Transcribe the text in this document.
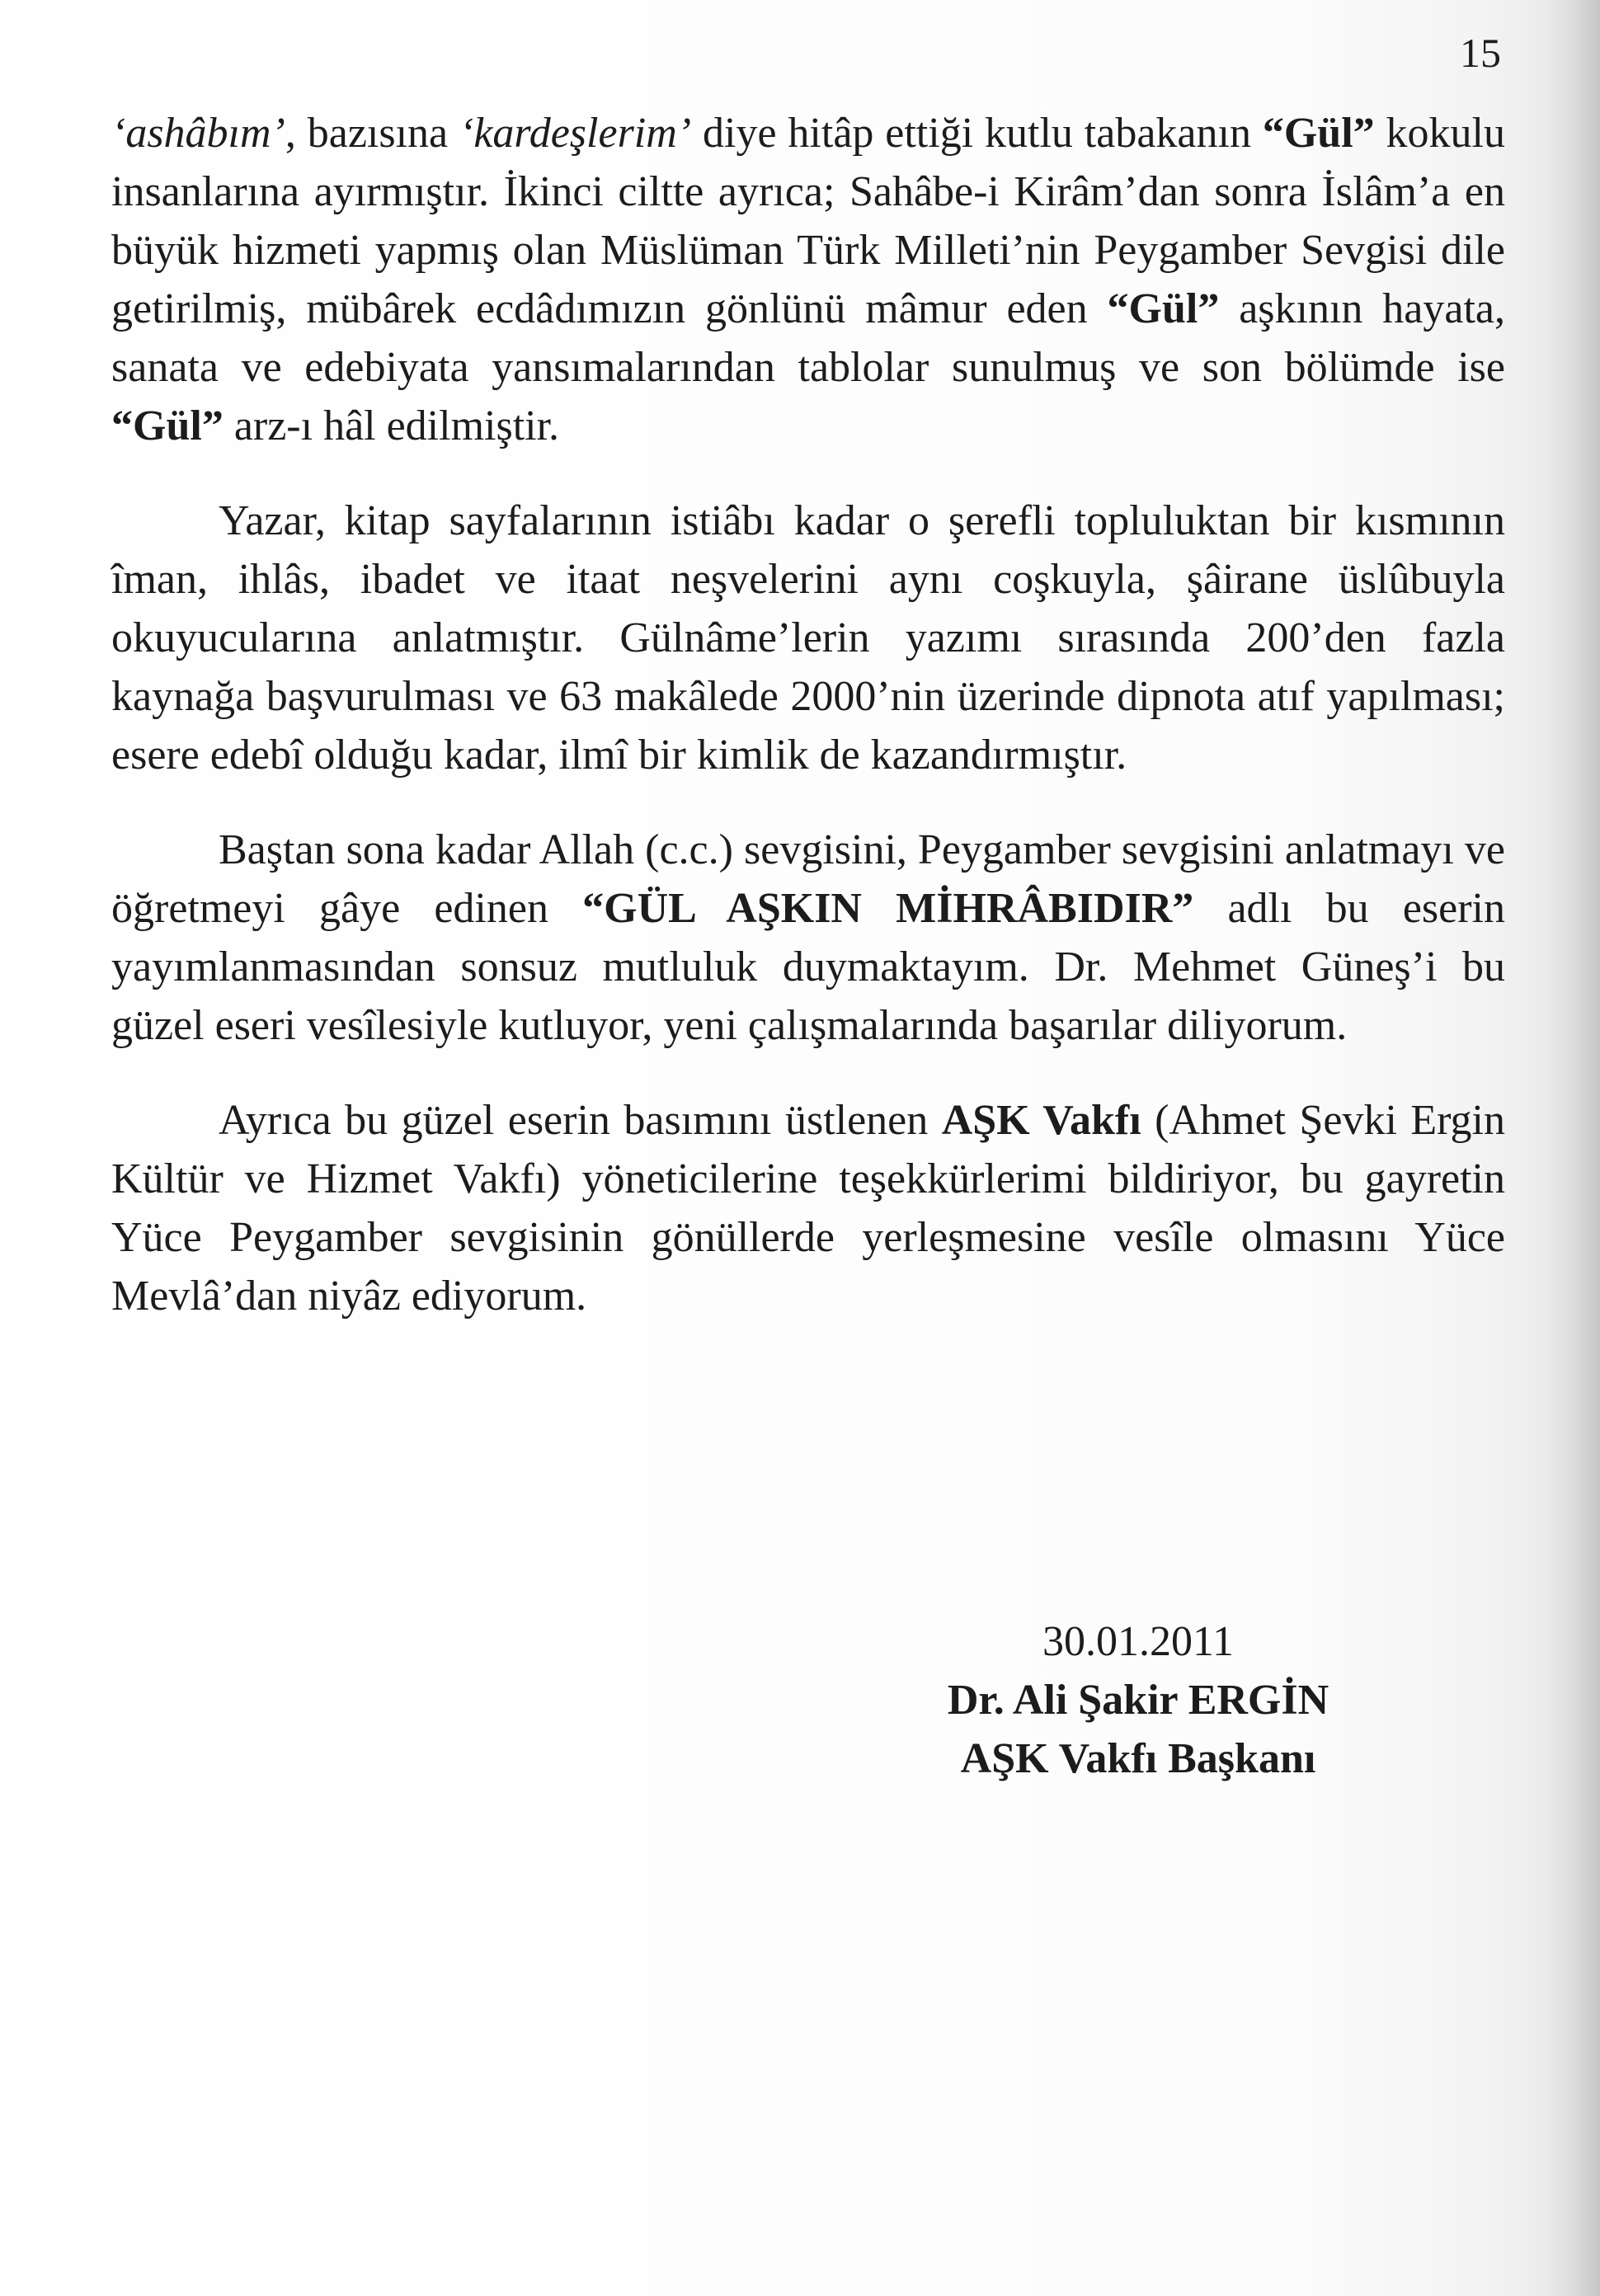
15

‘ashâbım’, bazısına ‘kardeşlerim’ diye hitâp ettiği kutlu tabakanın “Gül” kokulu insanlarına ayırmıştır. İkinci ciltte ayrıca; Sahâbe-i Kirâm’dan sonra İslâm’a en büyük hizmeti yapmış olan Müslüman Türk Milleti’nin Peygamber Sevgisi dile getirilmiş, mübârek ecdâdımızın gönlünü mâmur eden “Gül” aşkının hayata, sanata ve edebiyata yansımalarından tablolar sunulmuş ve son bölümde ise “Gül” arz-ı hâl edilmiştir.

Yazar, kitap sayfalarının istiâbı kadar o şerefli topluluktan bir kısmının îman, ihlâs, ibadet ve itaat neşvelerini aynı coşkuyla, şâirane üslûbuyla okuyucularına anlatmıştır. Gülnâme’lerin yazımı sırasında 200’den fazla kaynağa başvurulması ve 63 makâlede 2000’nin üzerinde dipnota atıf yapılması; esere edebî olduğu kadar, ilmî bir kimlik de kazandırmıştır.

Baştan sona kadar Allah (c.c.) sevgisini, Peygamber sevgisini anlatmayı ve öğretmeyi gâye edinen “GÜL AŞKIN MİHRÂBIDIR” adlı bu eserin yayımlanmasından sonsuz mutluluk duymaktayım. Dr. Mehmet Güneş’i bu güzel eseri vesîlesiyle kutluyor, yeni çalışmalarında başarılar diliyorum.

Ayrıca bu güzel eserin basımını üstlenen AŞK Vakfı (Ahmet Şevki Ergin Kültür ve Hizmet Vakfı) yöneticilerine teşekkürlerimi bildiriyor, bu gayretin Yüce Peygamber sevgisinin gönüllerde yerleşmesine vesîle olmasını Yüce Mevlâ’dan niyâz ediyorum.

30.01.2011
Dr. Ali Şakir ERGİN
AŞK Vakfı Başkanı
